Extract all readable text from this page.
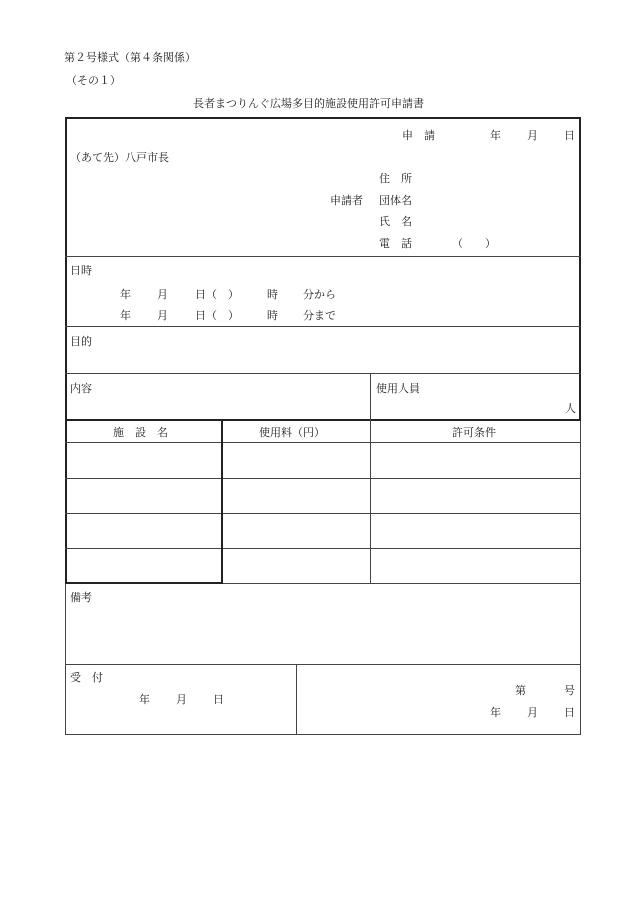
第２号様式（第４条関係）
（その１）
長者まつりんぐ広場多目的施設使用許可申請書
申　請	年 月 日
（あて先）八戸市長
住　所
申請者 団体名
氏　名
電　話	（　　）
日時
年 月 日（　）	時 分から
年 月 日（　）	時 分まで
目的
内容	使用人員
人
施　設　名	使用料（円）	許可条件
備考
受　付
年 月 日
第	号
年 月 日
